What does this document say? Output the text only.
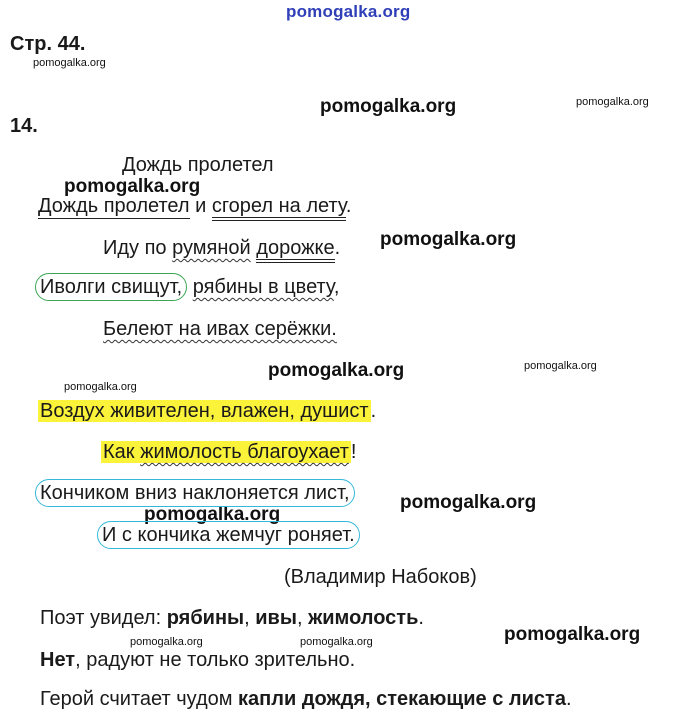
pomogalka.org
Стр. 44.
pomogalka.org
14.
pomogalka.org	pomogalka.org
pomogalka.org
pomogalka.org
pomogalka.org	pomogalka.org
pomogalka.org
pomogalka.org
pomogalka.org
pomogalka.org
pomogalka.org	pomogalka.org
Дождь пролетел
Дождь пролетел и сгорел на лету.
Иду по румяной дорожке.
Иволги свищут, рябины в цвету,
Белеют на ивах серёжки.
Воздух живителен, влажен, душист .
Как жимолость благоухает !
Кончиком вниз наклоняется лист,
И с кончика жемчуг роняет.
(Владимир Набоков)
Поэт увидел: рябины, ивы, жимолость.
Нет, радуют не только зрительно.
Герой считает чудом капли дождя, стекающие с листа.
